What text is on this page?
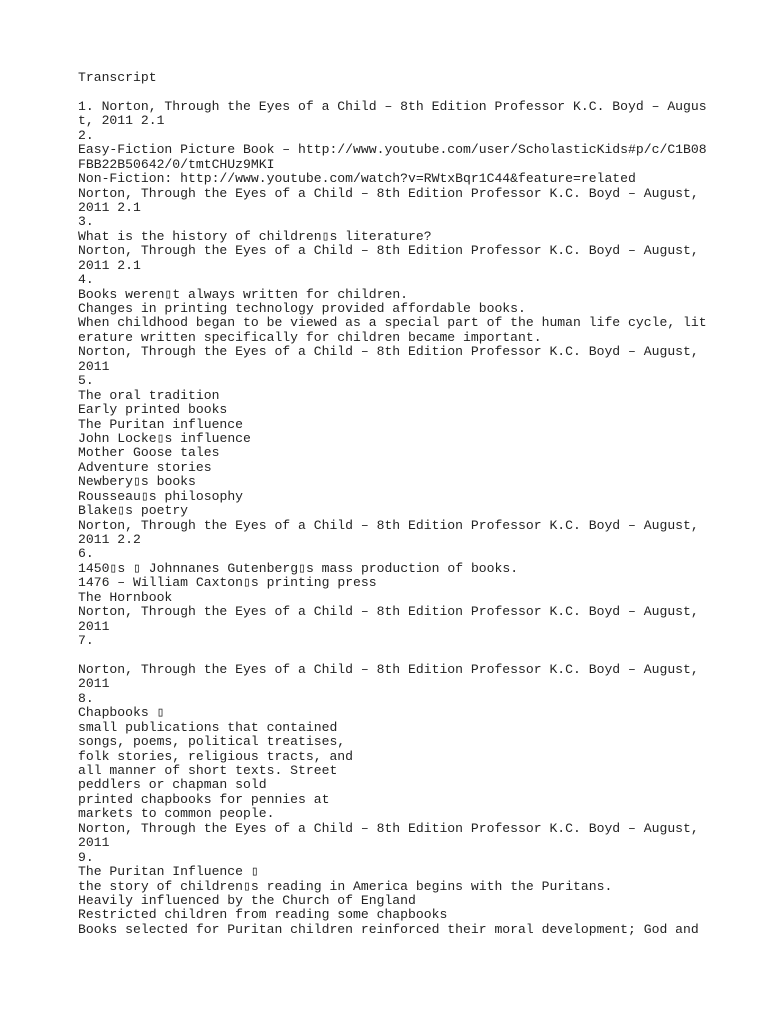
Transcript
1. Norton, Through the Eyes of a Child – 8th Edition Professor K.C. Boyd – Augus
t, 2011 2.1
2.
Easy-Fiction Picture Book – http://www.youtube.com/user/ScholasticKids#p/c/C1B08
FBB22B50642/0/tmtCHUz9MKI
Non-Fiction: http://www.youtube.com/watch?v=RWtxBqr1C44&feature=related
Norton, Through the Eyes of a Child – 8th Edition Professor K.C. Boyd – August,
2011 2.1
3.
What is the history of children▯s literature?
Norton, Through the Eyes of a Child – 8th Edition Professor K.C. Boyd – August,
2011 2.1
4.
Books weren▯t always written for children.
Changes in printing technology provided affordable books.
When childhood began to be viewed as a special part of the human life cycle, lit
erature written specifically for children became important.
Norton, Through the Eyes of a Child – 8th Edition Professor K.C. Boyd – August,
2011
5.
The oral tradition
Early printed books
The Puritan influence
John Locke▯s influence
Mother Goose tales
Adventure stories
Newbery▯s books
Rousseau▯s philosophy
Blake▯s poetry
Norton, Through the Eyes of a Child – 8th Edition Professor K.C. Boyd – August,
2011 2.2
6.
1450▯s ▯ Johnnanes Gutenberg▯s mass production of books.
1476 – William Caxton▯s printing press
The Hornbook
Norton, Through the Eyes of a Child – 8th Edition Professor K.C. Boyd – August,
2011
7.
Norton, Through the Eyes of a Child – 8th Edition Professor K.C. Boyd – August,
2011
8.
Chapbooks ▯
small publications that contained
songs, poems, political treatises,
folk stories, religious tracts, and
all manner of short texts. Street
peddlers or chapman sold
printed chapbooks for pennies at
markets to common people.
Norton, Through the Eyes of a Child – 8th Edition Professor K.C. Boyd – August,
2011
9.
The Puritan Influence ▯
the story of children▯s reading in America begins with the Puritans.
Heavily influenced by the Church of England
Restricted children from reading some chapbooks
Books selected for Puritan children reinforced their moral development; God and
